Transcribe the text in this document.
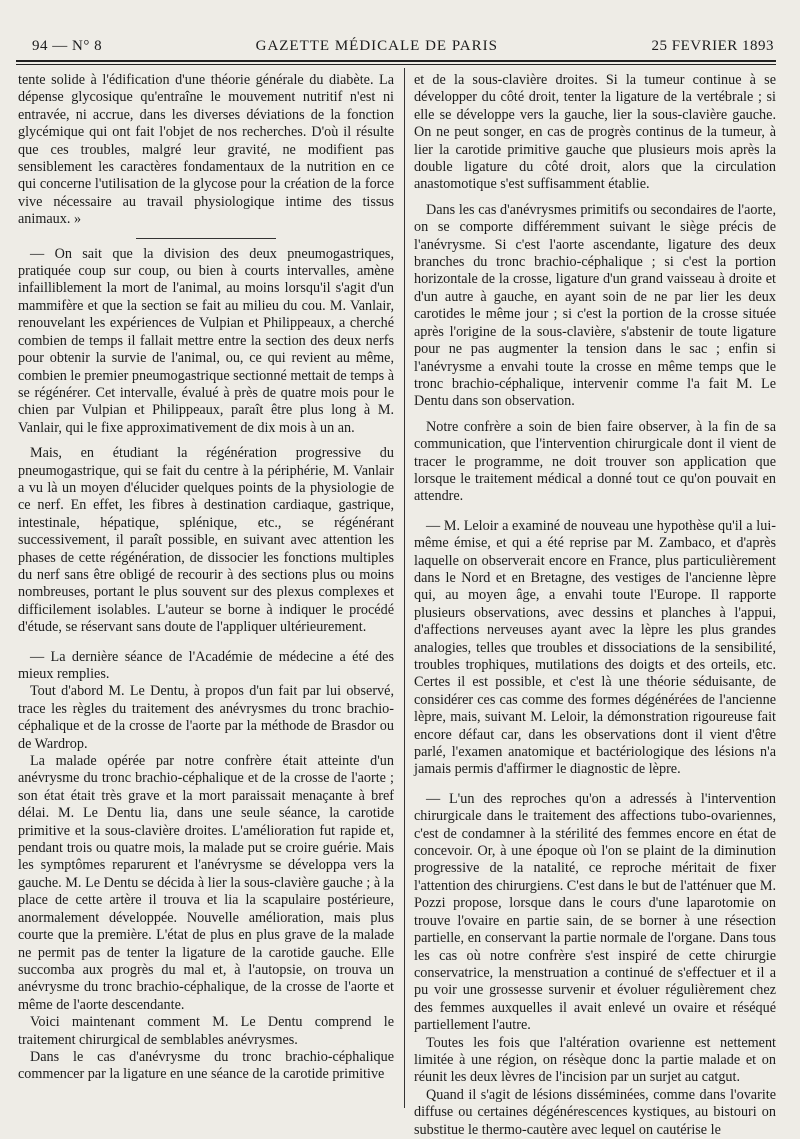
94 — N° 8	GAZETTE MÉDICALE DE PARIS	25 FEVRIER 1893

tente solide à l'édification d'une théorie générale du diabète. La dépense glycosique qu'entraîne le mouvement nutritif n'est ni entravée, ni accrue, dans les diverses déviations de la fonction glycémique qui ont fait l'objet de nos recherches. D'où il résulte que ces troubles, malgré leur gravité, ne modifient pas sensiblement les caractères fondamentaux de la nutrition en ce qui concerne l'utilisation de la glycose pour la création de la force vive nécessaire au travail physiologique intime des tissus animaux. »

— On sait que la division des deux pneumogastriques, pratiquée coup sur coup, ou bien à courts intervalles, amène infailliblement la mort de l'animal, au moins lorsqu'il s'agit d'un mammifère et que la section se fait au milieu du cou. M. Vanlair, renouvelant les expériences de Vulpian et Philippeaux, a cherché combien de temps il fallait mettre entre la section des deux nerfs pour obtenir la survie de l'animal, ou, ce qui revient au même, combien le premier pneumogastrique sectionné mettait de temps à se régénérer. Cet intervalle, évalué à près de quatre mois pour le chien par Vulpian et Philippeaux, paraît être plus long à M. Vanlair, qui le fixe approximativement de dix mois à un an.

Mais, en étudiant la régénération progressive du pneumogastrique, qui se fait du centre à la périphérie, M. Vanlair a vu là un moyen d'élucider quelques points de la physiologie de ce nerf. En effet, les fibres à destination cardiaque, gastrique, intestinale, hépatique, splénique, etc., se régénérant successivement, il paraît possible, en suivant avec attention les phases de cette régénération, de dissocier les fonctions multiples du nerf sans être obligé de recourir à des sections plus ou moins nombreuses, portant le plus souvent sur des plexus complexes et difficilement isolables. L'auteur se borne à indiquer le procédé d'étude, se réservant sans doute de l'appliquer ultérieurement.

— La dernière séance de l'Académie de médecine a été des mieux remplies.

Tout d'abord M. Le Dentu, à propos d'un fait par lui observé, trace les règles du traitement des anévrysmes du tronc brachio-céphalique et de la crosse de l'aorte par la méthode de Brasdor ou de Wardrop.

La malade opérée par notre confrère était atteinte d'un anévrysme du tronc brachio-céphalique et de la crosse de l'aorte ; son état était très grave et la mort paraissait menaçante à bref délai. M. Le Dentu lia, dans une seule séance, la carotide primitive et la sous-clavière droites. L'amélioration fut rapide et, pendant trois ou quatre mois, la malade put se croire guérie. Mais les symptômes reparurent et l'anévrysme se développa vers la gauche. M. Le Dentu se décida à lier la sous-clavière gauche ; à la place de cette artère il trouva et lia la scapulaire postérieure, anormalement développée. Nouvelle amélioration, mais plus courte que la première. L'état de plus en plus grave de la malade ne permit pas de tenter la ligature de la carotide gauche. Elle succomba aux progrès du mal et, à l'autopsie, on trouva un anévrysme du tronc brachio-céphalique, de la crosse de l'aorte et même de l'aorte descendante.

Voici maintenant comment M. Le Dentu comprend le traitement chirurgical de semblables anévrysmes.

Dans le cas d'anévrysme du tronc brachio-céphalique commencer par la ligature en une séance de la carotide primitive

et de la sous-clavière droites. Si la tumeur continue à se développer du côté droit, tenter la ligature de la vertébrale ; si elle se développe vers la gauche, lier la sous-clavière gauche. On ne peut songer, en cas de progrès continus de la tumeur, à lier la carotide primitive gauche que plusieurs mois après la double ligature du côté droit, alors que la circulation anastomotique s'est suffisamment établie.

Dans les cas d'anévrysmes primitifs ou secondaires de l'aorte, on se comporte différemment suivant le siège précis de l'anévrysme. Si c'est l'aorte ascendante, ligature des deux branches du tronc brachio-céphalique ; si c'est la portion horizontale de la crosse, ligature d'un grand vaisseau à droite et d'un autre à gauche, en ayant soin de ne par lier les deux carotides le même jour ; si c'est la portion de la crosse située après l'origine de la sous-clavière, s'abstenir de toute ligature pour ne pas augmenter la tension dans le sac ; enfin si l'anévrysme a envahi toute la crosse en même temps que le tronc brachio-céphalique, intervenir comme l'a fait M. Le Dentu dans son observation.

Notre confrère a soin de bien faire observer, à la fin de sa communication, que l'intervention chirurgicale dont il vient de tracer le programme, ne doit trouver son application que lorsque le traitement médical a donné tout ce qu'on pouvait en attendre.

— M. Leloir a examiné de nouveau une hypothèse qu'il a lui-même émise, et qui a été reprise par M. Zambaco, et d'après laquelle on observerait encore en France, plus particulièrement dans le Nord et en Bretagne, des vestiges de l'ancienne lèpre qui, au moyen âge, a envahi toute l'Europe. Il rapporte plusieurs observations, avec dessins et planches à l'appui, d'affections nerveuses ayant avec la lèpre les plus grandes analogies, telles que troubles et dissociations de la sensibilité, troubles trophiques, mutilations des doigts et des orteils, etc. Certes il est possible, et c'est là une théorie séduisante, de considérer ces cas comme des formes dégénérées de l'ancienne lèpre, mais, suivant M. Leloir, la démonstration rigoureuse fait encore défaut car, dans les observations dont il vient d'être parlé, l'examen anatomique et bactériologique des lésions n'a jamais permis d'affirmer le diagnostic de lèpre.

— L'un des reproches qu'on a adressés à l'intervention chirurgicale dans le traitement des affections tubo-ovariennes, c'est de condamner à la stérilité des femmes encore en état de concevoir. Or, à une époque où l'on se plaint de la diminution progressive de la natalité, ce reproche méritait de fixer l'attention des chirurgiens. C'est dans le but de l'atténuer que M. Pozzi propose, lorsque dans le cours d'une laparotomie on trouve l'ovaire en partie sain, de se borner à une résection partielle, en conservant la partie normale de l'organe. Dans tous les cas où notre confrère s'est inspiré de cette chirurgie conservatrice, la menstruation a continué de s'effectuer et il a pu voir une grossesse survenir et évoluer régulièrement chez des femmes auxquelles il avait enlevé un ovaire et réséqué partiellement l'autre.

Toutes les fois que l'altération ovarienne est nettement limitée à une région, on résèque donc la partie malade et on réunit les deux lèvres de l'incision par un surjet au catgut.

Quand il s'agit de lésions disséminées, comme dans l'ovarite diffuse ou certaines dégénérescences kystiques, au bistouri on substitue le thermo-cautère avec lequel on cautérise le
